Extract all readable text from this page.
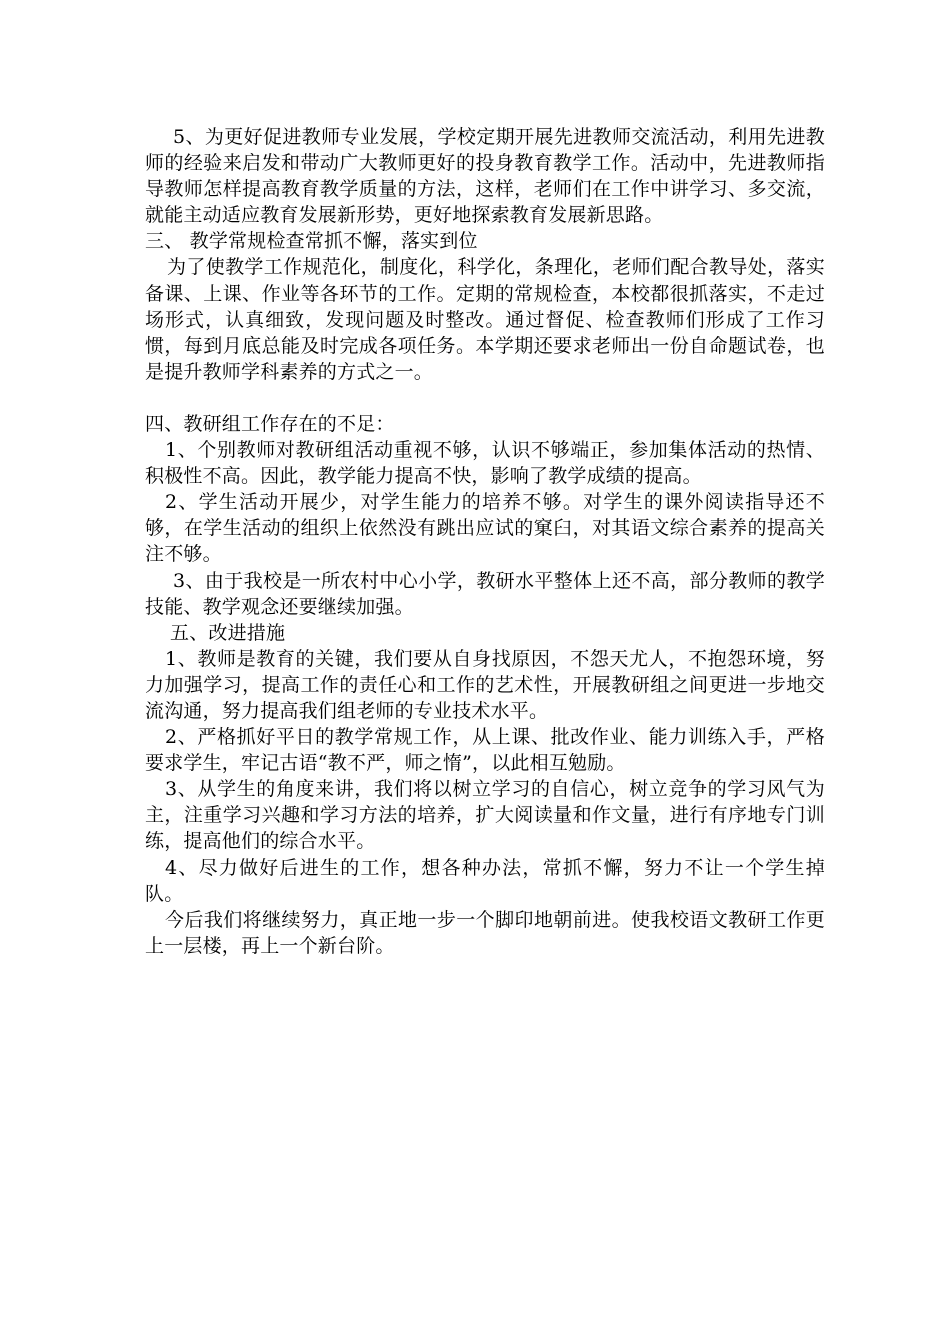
5、为更好促进教师专业发展，学校定期开展先进教师交流活动，利用先进教师的经验来启发和带动广大教师更好的投身教育教学工作。活动中，先进教师指导教师怎样提高教育教学质量的方法，这样，老师们在工作中讲学习、多交流，就能主动适应教育发展新形势，更好地探索教育发展新思路。

三、 教学常规检查常抓不懈，落实到位

为了使教学工作规范化，制度化，科学化，条理化，老师们配合教导处，落实备课、上课、作业等各环节的工作。定期的常规检查，本校都很抓落实，不走过场形式，认真细致，发现问题及时整改。通过督促、检查教师们形成了工作习惯，每到月底总能及时完成各项任务。本学期还要求老师出一份自命题试卷，也是提升教师学科素养的方式之一。

四、教研组工作存在的不足：

1、个别教师对教研组活动重视不够，认识不够端正，参加集体活动的热情、积极性不高。因此，教学能力提高不快，影响了教学成绩的提高。

2、学生活动开展少，对学生能力的培养不够。对学生的课外阅读指导还不够，在学生活动的组织上依然没有跳出应试的窠臼，对其语文综合素养的提高关注不够。

3、由于我校是一所农村中心小学，教研水平整体上还不高，部分教师的教学技能、教学观念还要继续加强。

五、改进措施

1、教师是教育的关键，我们要从自身找原因，不怨天尤人，不抱怨环境，努力加强学习，提高工作的责任心和工作的艺术性，开展教研组之间更进一步地交流沟通，努力提高我们组老师的专业技术水平。

2、严格抓好平日的教学常规工作，从上课、批改作业、能力训练入手，严格要求学生，牢记古语“教不严，师之惰”，以此相互勉励。

3、从学生的角度来讲，我们将以树立学习的自信心，树立竞争的学习风气为主，注重学习兴趣和学习方法的培养，扩大阅读量和作文量，进行有序地专门训练，提高他们的综合水平。

4、尽力做好后进生的工作，想各种办法，常抓不懈，努力不让一个学生掉队。

今后我们将继续努力，真正地一步一个脚印地朝前进。使我校语文教研工作更上一层楼，再上一个新台阶。
